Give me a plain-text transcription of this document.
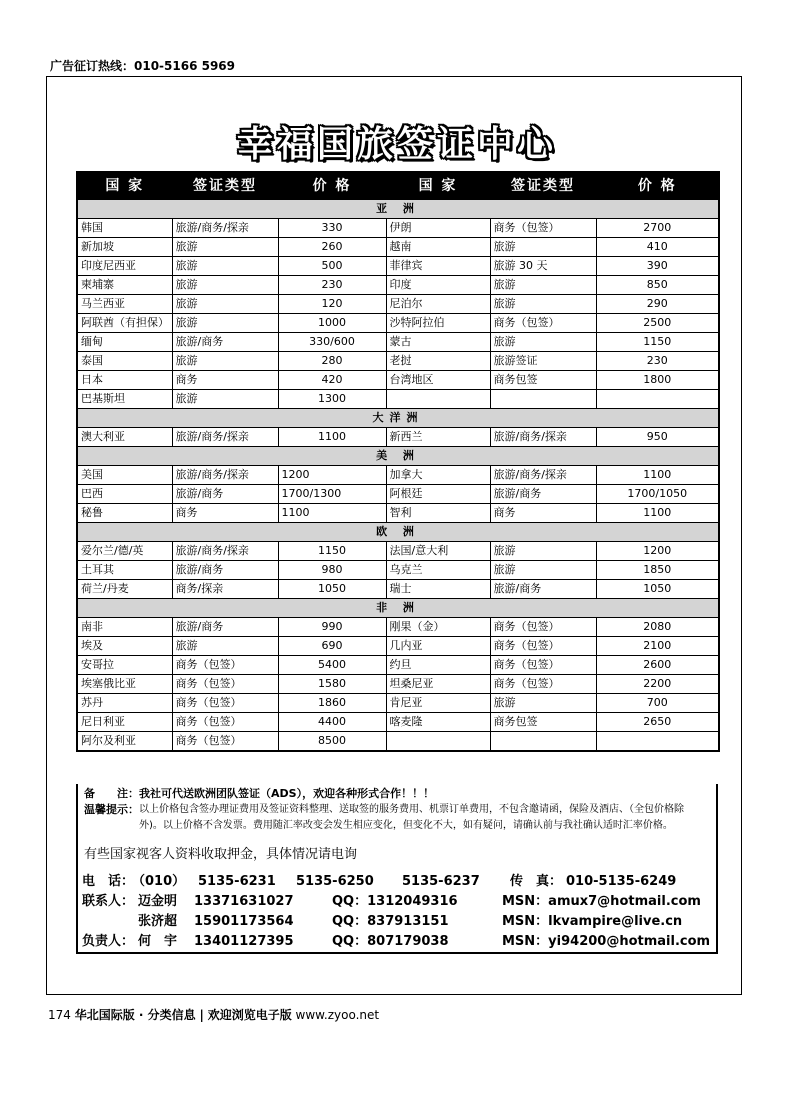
广告征订热线：010-5166 5969
幸福国旅签证中心
国 家	签证类型	价 格	国 家	签证类型	价 格
亚 洲					
韩国	旅游/商务/探亲	330	伊朗	商务（包签）	2700
新加坡	旅游	260	越南	旅游	410
印度尼西亚	旅游	500	菲律宾	旅游 30 天	390
柬埔寨	旅游	230	印度	旅游	850
马兰西亚	旅游	120	尼泊尔	旅游	290
阿联酋（有担保）	旅游	1000	沙特阿拉伯	商务（包签）	2500
缅甸	旅游/商务	330/600	蒙古	旅游	1150
泰国	旅游	280	老挝	旅游签证	230
日本	商务	420	台湾地区	商务包签	1800
巴基斯坦	旅游	1300			
大洋洲					
澳大利亚	旅游/商务/探亲	1100	新西兰	旅游/商务/探亲	950
美 洲					
美国	旅游/商务/探亲	1200	加拿大	旅游/商务/探亲	1100
巴西	旅游/商务	1700/1300	阿根廷	旅游/商务	1700/1050
秘鲁	商务	1100	智利	商务	1100
欧 洲					
爱尔兰/德/英	旅游/商务/探亲	1150	法国/意大利	旅游	1200
土耳其	旅游/商务	980	乌克兰	旅游	1850
荷兰/丹麦	商务/探亲	1050	瑞士	旅游/商务	1050
非 洲					
南非	旅游/商务	990	刚果（金）	商务（包签）	2080
埃及	旅游	690	几内亚	商务（包签）	2100
安哥拉	商务（包签）	5400	约旦	商务（包签）	2600
埃塞俄比亚	商务（包签）	1580	坦桑尼亚	商务（包签）	2200
苏丹	商务（包签）	1860	肯尼亚	旅游	700
尼日利亚	商务（包签）	4400	喀麦隆	商务包签	2650
阿尔及利亚	商务（包签）	8500			
备　　注：我社可代送欧洲团队签证（ADS），欢迎各种形式合作！！！
温馨提示：以上价格包含签办理证费用及签证资料整理、送取签的服务费用、机票订单费用，不包含邀请函，保险及酒店、（全包价格除外)。以上价格不含发票。费用随汇率改变会发生相应变化，但变化不大，如有疑问，请确认前与我社确认适时汇率价格。
有些国家视客人资料收取押金，具体情况请电询
电　话：
（010） 5135-6231 5135-6250 5135-6237 传　真： 010-5135-6249
联系人： 迈金明 13371631027	QQ：1312049316	MSN：amux7@hotmail.com
张济超 15901173564	QQ：837913151	MSN：lkvampire@live.cn
负责人： 何　宇 13401127395	QQ：807179038	MSN：yi94200@hotmail.com
174 华北国际版 · 分类信息 | 欢迎浏览电子版 www.zyoo.net
